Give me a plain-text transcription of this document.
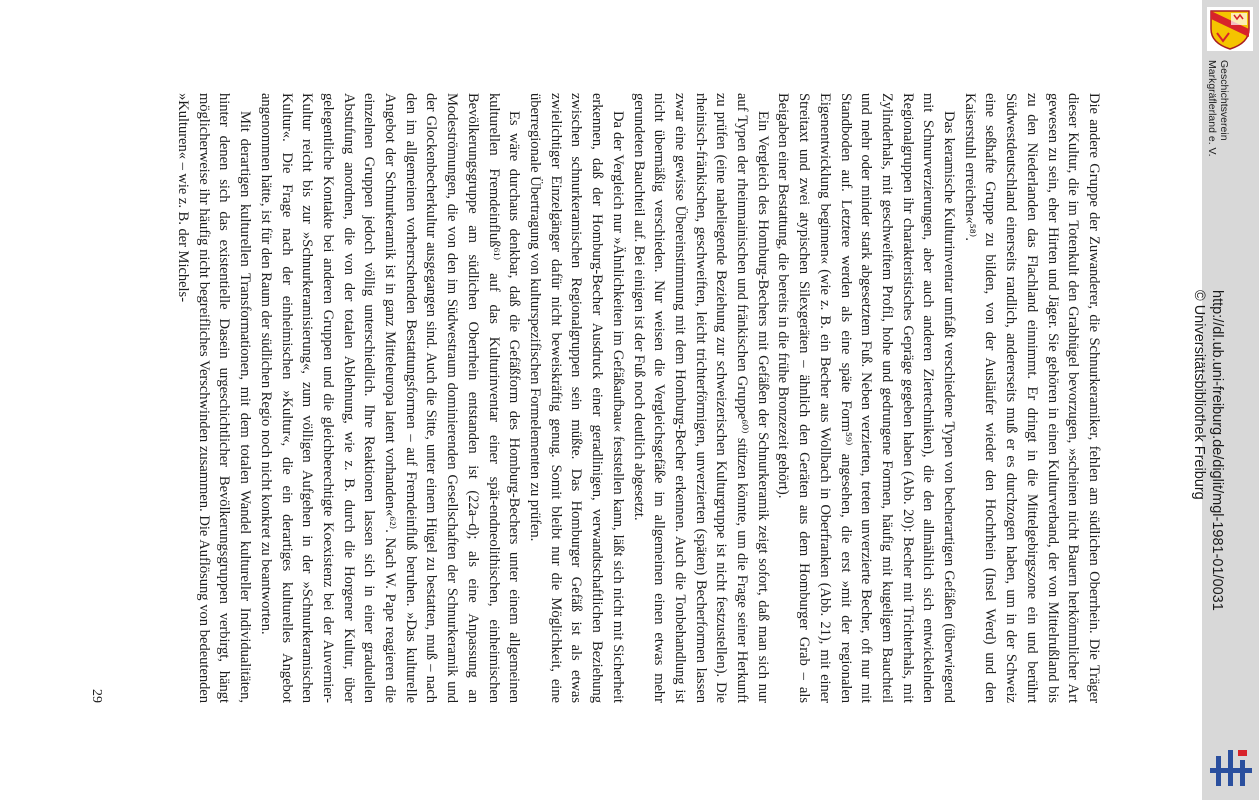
Die andere Gruppe der Zuwanderer, die Schnurkeramiker, fehlen am südlichen Oberrhein. Die Träger dieser Kultur, die im Totenkult den Grabhügel bevorzugen, »scheinen nicht Bauern herkömmlicher Art gewesen zu sein, eher Hirten und Jäger. Sie gehören in einen Kulturverband, der von Mittelrußland bis zu den Niederlanden das Flachland einnimmt. Er dringt in die Mittelgebirgszone ein und berührt Südwestdeutschland einerseits randlich, andererseits muß er es durchzogen haben, um in der Schweiz eine seßhafte Gruppe zu bilden, von der Ausläufer wieder den Hochrhein (Insel Werd) und den Kaiserstuhl erreichen«⁵⁸⁾.

Das keramische Kulturinventar umfaßt verschiedene Typen von becherartigen Gefäßen (überwiegend mit Schnurverzierungen, aber auch anderen Ziertechniken), die den allmählich sich entwickelnden Regionalgruppen ihr charakteristisches Gepräge gegeben haben (Abb. 20): Becher mit Trichterhals, mit Zylinderhals, mit geschweiftem Profil, hohe und gedrungene Formen, häufig mit kugeligem Bauchteil und mehr oder minder stark abgesetztem Fuß. Neben verzierten, treten unverzierte Becher, oft nur mit Standboden auf. Letztere werden als eine späte Form⁵⁹⁾ angesehen, die erst »mit der regionalen Eigenentwicklung beginnen« (wie z. B. ein Becher aus Wollbach in Oberfranken (Abb. 21), mit einer Streitaxt und zwei atypischen Silexgeräten – ähnlich den Geräten aus dem Homburger Grab – als Beigaben einer Bestattung, die bereits in die frühe Bronzezeit gehört).

Ein Vergleich des Homburg-Bechers mit Gefäßen der Schnurkeramik zeigt sofort, daß man sich nur auf Typen der rheinmainischen und fränkischen Gruppe⁶⁰⁾ stützen könnte, um die Frage seiner Herkunft zu prüfen (eine naheliegende Beziehung zur schweizerischen Kulturgruppe ist nicht festzustellen). Die rheinisch-fränkischen, geschweiften, leicht trichterförmigen, unverzierten (späten) Becherformen lassen zwar eine gewisse Übereinstimmung mit dem Homburg-Becher erkennen. Auch die Tonbehandlung ist nicht übermäßig verschieden. Nur weisen die Vergleichsgefäße im allgemeinen einen etwas mehr gerundeten Bauchteil auf. Bei einigen ist der Fuß noch deutlich abgesetzt.

Da der Vergleich nur »Ähnlichkeiten im Gefäßaufbau« feststellen kann, läßt sich nicht mit Sicherheit erkennen, daß der Homburg-Becher Ausdruck einer geradlinigen, verwandtschaftlichen Beziehung zwischen schnurkeramischen Regionalgruppen sein müßte. Das Homburger Gefäß ist als etwas zwielichtiger Einzelgänger dafür nicht beweiskräftig genug. Somit bleibt nur die Möglichkeit, eine überregionale Übertragung von kulturspezifischen Formelementen zu prüfen.

Es wäre durchaus denkbar, daß die Gefäßform des Homburg-Bechers unter einem allgemeinen kulturellen Fremdeinfluß⁶¹⁾ auf das Kulturinventar einer spät-endneolithischen, einheimischen Bevölkerungsgruppe am südlichen Oberrhein entstanden ist (22a–d); als eine Anpassung an Modeströmungen, die von den im Südwestraum dominierenden Gesellschaften der Schnurkeramik und der Glockenbecherkultur ausgegangen sind. Auch die Sitte, unter einem Hügel zu bestatten, muß – nach den im allgemeinen vorherrschenden Bestattungsformen – auf Fremdeinfluß beruhen. »Das kulturelle Angebot der Schnurkeramik ist in ganz Mitteleuropa latent vorhanden«⁶²⁾. Nach W. Pape reagieren die einzelnen Gruppen jedoch völlig unterschiedlich. Ihre Reaktionen lassen sich in einer graduellen Abstufung anordnen, die von der totalen Ablehnung, wie z. B. durch die Horgener Kultur, über gelegentliche Kontakte bei anderen Gruppen und die gleichberechtigte Koexistenz bei der Auvernier-Kultur reicht bis zur »Schnurkeramisierung«, zum völligen Aufgehen in der »Schnurkeramischen Kultur«. Die Frage nach der einheimischen »Kultur«, die ein derartiges kulturelles Angebot angenommen hätte, ist für den Raum der südlichen Regio noch nicht konkret zu beantworten.

Mit derartigen kulturellen Transformationen, mit dem totalen Wandel kultureller Individualitäten, hinter denen sich das existentielle Dasein urgeschichtlicher Bevölkerungsgruppen verbirgt, hängt möglicherweise ihr häufig nicht begreifliches Verschwinden zusammen. Die Auflösung von bedeutenden »Kulturen« – wie z. B. der Michels-

29
Geschichtsverein
Markgräflerland e. V.
http://dl.ub.uni-freiburg.de/diglit/mgl-1981-01/0031
© Universitätsbibliothek Freiburg
